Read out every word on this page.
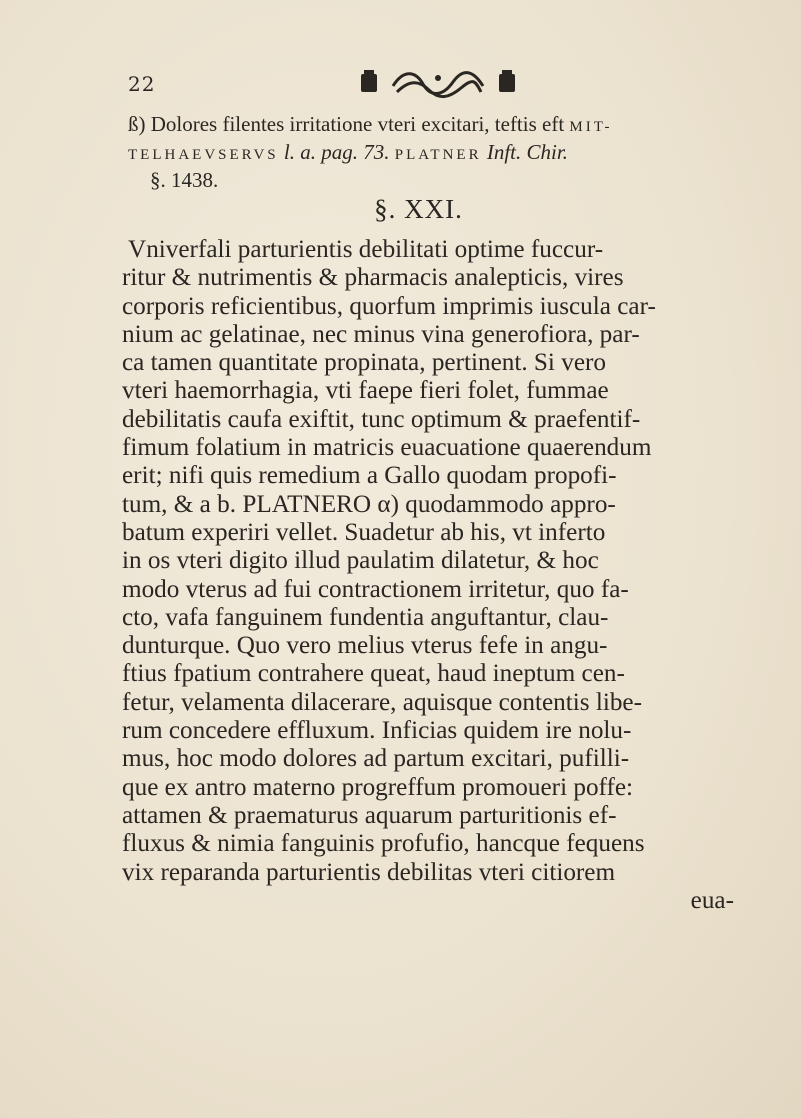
22
ß) Dolores filentes irritatione vteri excitari, teftis eft MIT-
TELHAEVSERVS l. a. pag. 73. PLATNER Inft. Chir.
§. 1438.
§. XXI.
Vniverfali parturientis debilitati optime fuccur-
ritur & nutrimentis & pharmacis analepticis, vires
corporis reficientibus, quorfum imprimis iuscula car-
nium ac gelatinae, nec minus vina generofiora, par-
ca tamen quantitate propinata, pertinent. Si vero
vteri haemorrhagia, vti faepe fieri folet, fummae
debilitatis caufa exiftit, tunc optimum & praefentif-
fimum folatium in matricis euacuatione quaerendum
erit; nifi quis remedium a Gallo quodam propofi-
tum, & a b. PLATNERO α) quodammodo appro-
batum experiri vellet. Suadetur ab his, vt inferto
in os vteri digito illud paulatim dilatetur, & hoc
modo vterus ad fui contractionem irritetur, quo fa-
cto, vafa fanguinem fundentia anguftantur, clau-
dunturque. Quo vero melius vterus fefe in angu-
ftius fpatium contrahere queat, haud ineptum cen-
fetur, velamenta dilacerare, aquisque contentis libe-
rum concedere effluxum. Inficias quidem ire nolu-
mus, hoc modo dolores ad partum excitari, pufilli-
que ex antro materno progreffum promoueri poffe:
attamen & praematurus aquarum parturitionis ef-
fluxus & nimia fanguinis profufio, hancque fequens
vix reparanda parturientis debilitas vteri citiorem
eua-
